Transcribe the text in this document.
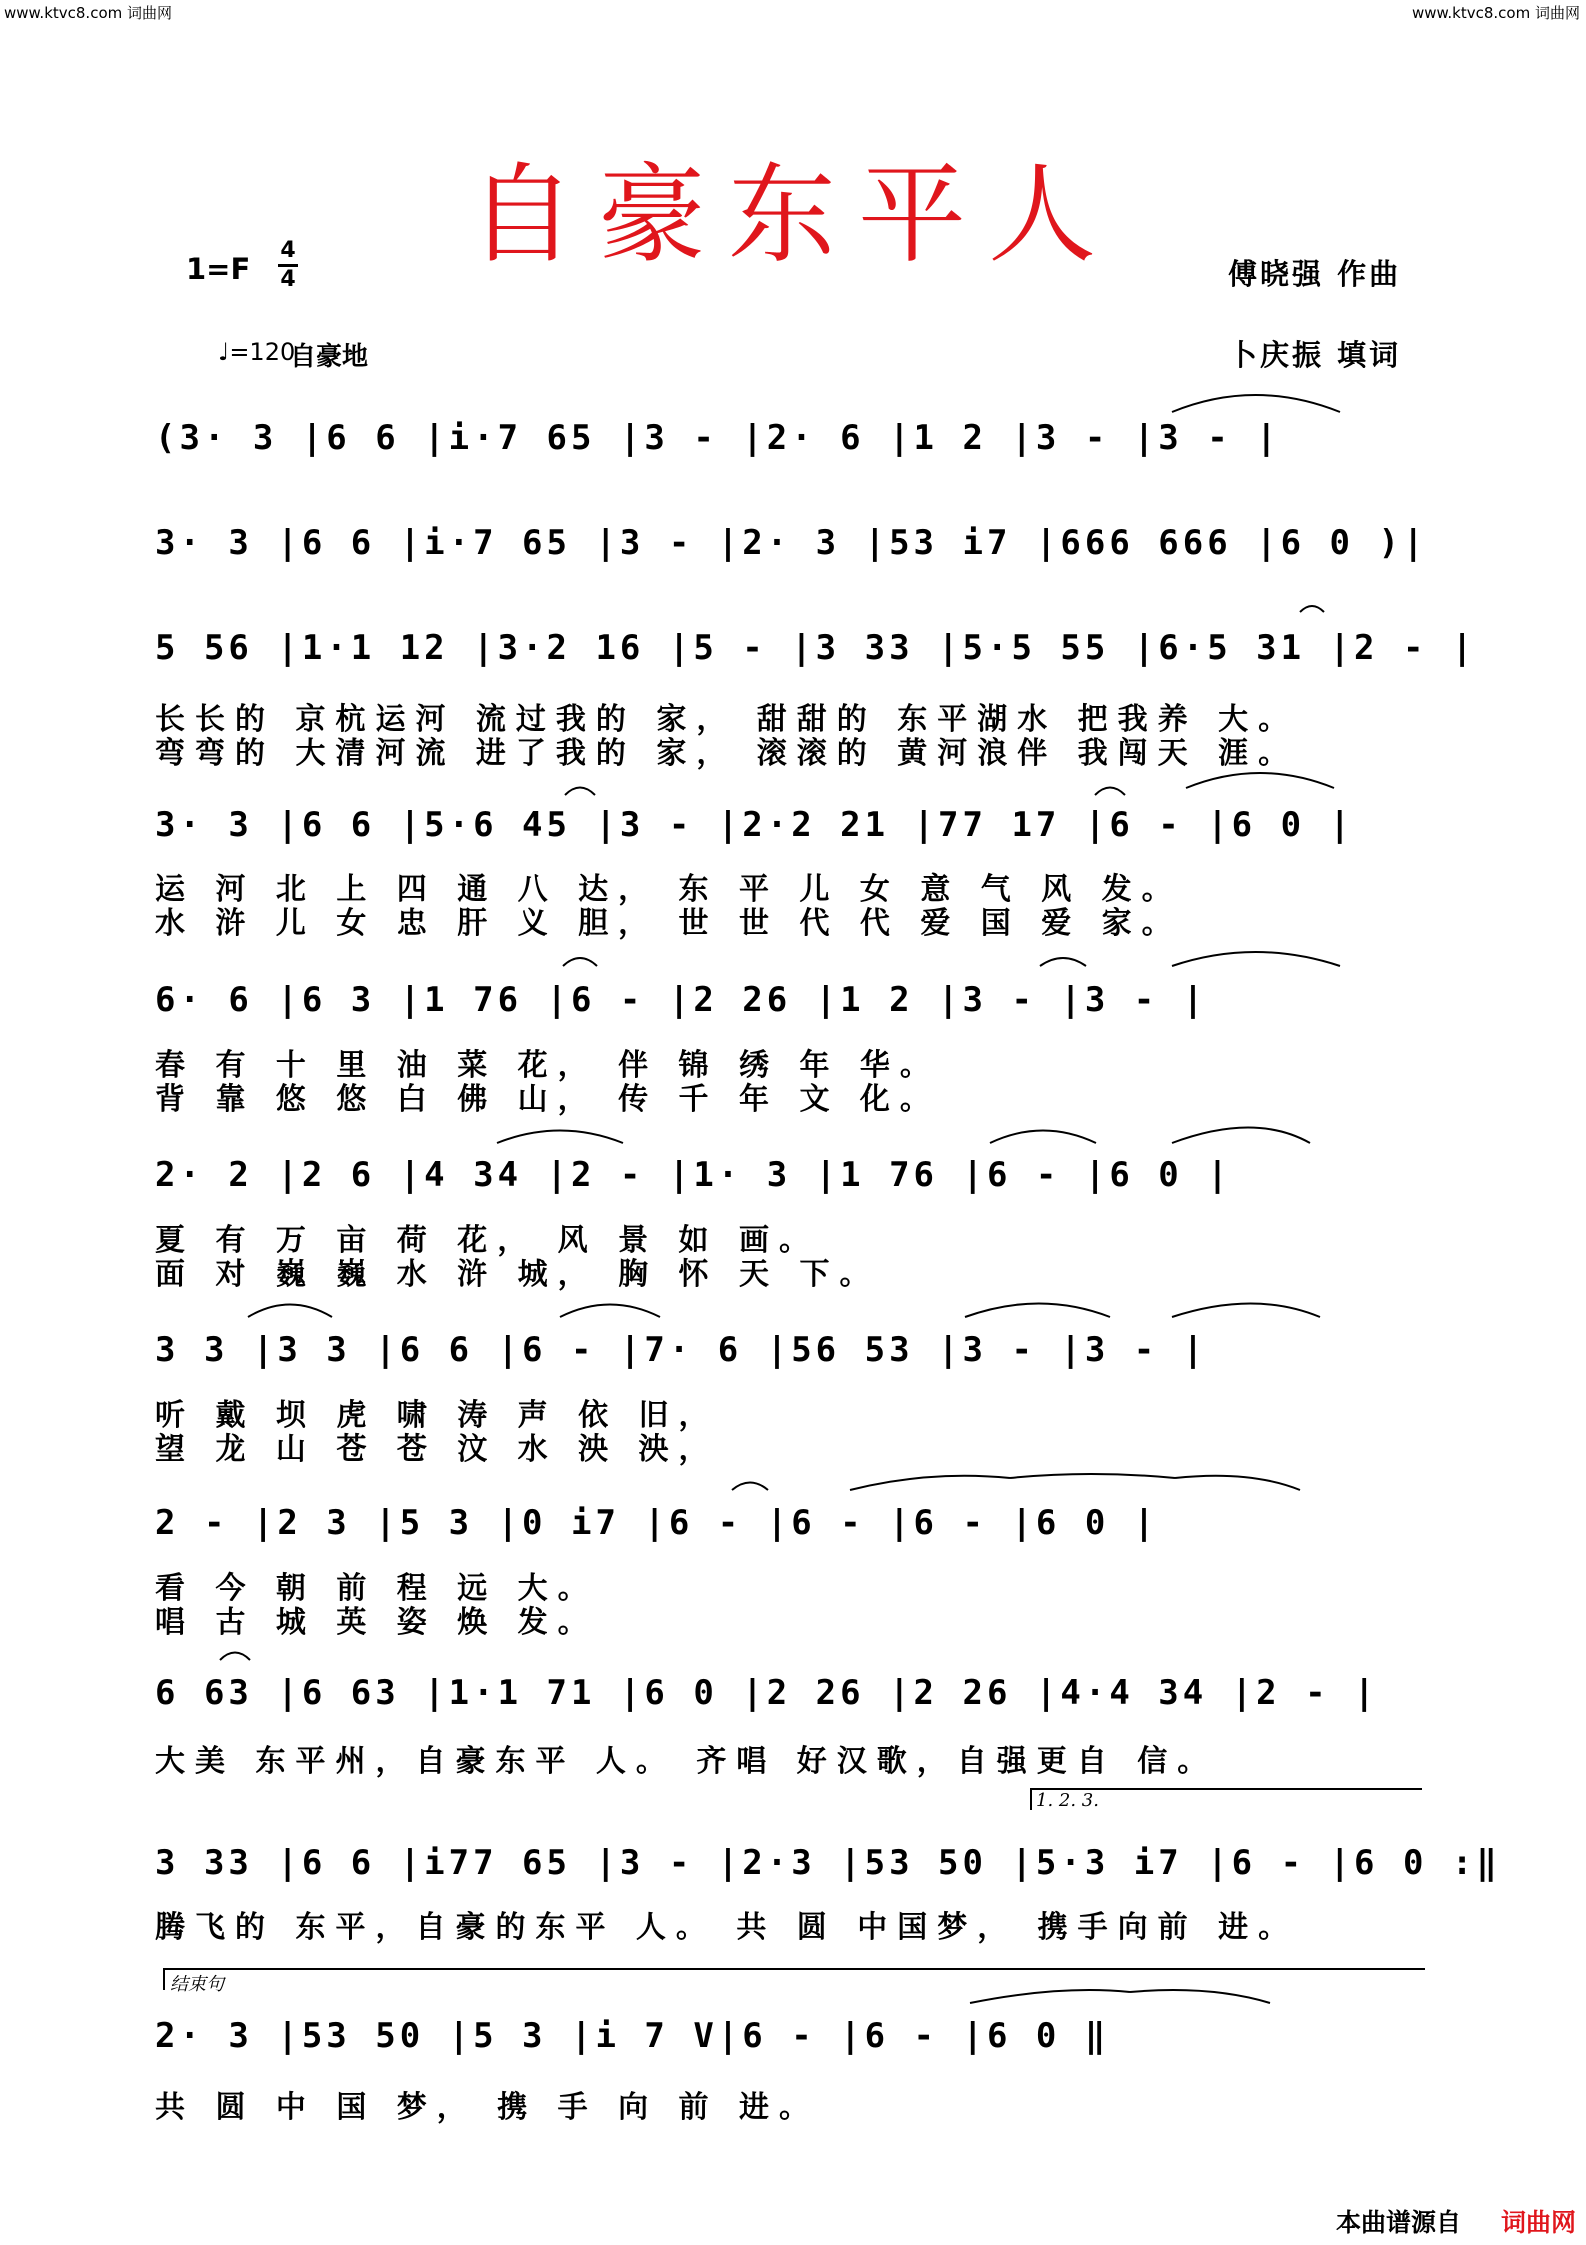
www.ktvc8.com 词曲网	www.ktvc8.com 词曲网
自豪东平人
1=F
4
4	傅晓强 作曲
卜庆振 填词
♩=120
自豪地
(3· 3 |6 6 |i·7 65 |3 - |2· 6 |1 2 |3 - |3 - |
3· 3 |6 6 |i·7 65 |3 - |2· 3 |53 i7 |666 666 |6 0 )|
5 56 |1·1 12 |3·2 16 |5 - |3 33 |5·5 55 |6·5 31 |2 - |
长长的 京杭运河 流过我的 家， 甜甜的 东平湖水 把我养 大。
弯弯的 大清河流 进了我的 家， 滚滚的 黄河浪伴 我闯天 涯。
3· 3 |6 6 |5·6 45 |3 - |2·2 21 |77 17 |6 - |6 0 |
运 河 北 上 四 通 八 达， 东 平 儿 女 意 气 风 发。
水 浒 儿 女 忠 肝 义 胆， 世 世 代 代 爱 国 爱 家。
6· 6 |6 3 |1 76 |6 - |2 26 |1 2 |3 - |3 - |
春 有 十 里 油 菜 花， 伴 锦 绣 年 华。
背 靠 悠 悠 白 佛 山， 传 千 年 文 化。
2· 2 |2 6 |4 34 |2 - |1· 3 |1 76 |6 - |6 0 |
夏 有 万 亩 荷 花， 风 景 如 画。
面 对 巍 巍 水 浒 城， 胸 怀 天 下。
3 3 |3 3 |6 6 |6 - |7· 6 |56 53 |3 - |3 - |
听 戴 坝 虎 啸 涛 声 依 旧，
望 龙 山 苍 苍 汶 水 泱 泱，
2 - |2 3 |5 3 |0 i7 |6 - |6 - |6 - |6 0 |
看 今 朝 前 程 远 大。
唱 古 城 英 姿 焕 发。
6 63 |6 63 |1·1 71 |6 0 |2 26 |2 26 |4·4 34 |2 - |
大美 东平州，自豪东平 人。 齐唱 好汉歌，自强更自 信。
1. 2. 3.
3 33 |6 6 |i77 65 |3 - |2·3 |53 50 |5·3 i7 |6 - |6 0 :‖
腾飞的 东平，自豪的东平 人。 共 圆 中国梦， 携手向前 进。
结束句
2· 3 |53 50 |5 3 |i 7 V|6 - |6 - |6 0 ‖
共 圆 中 国 梦， 携 手 向 前 进。
本曲谱源自 词曲网
